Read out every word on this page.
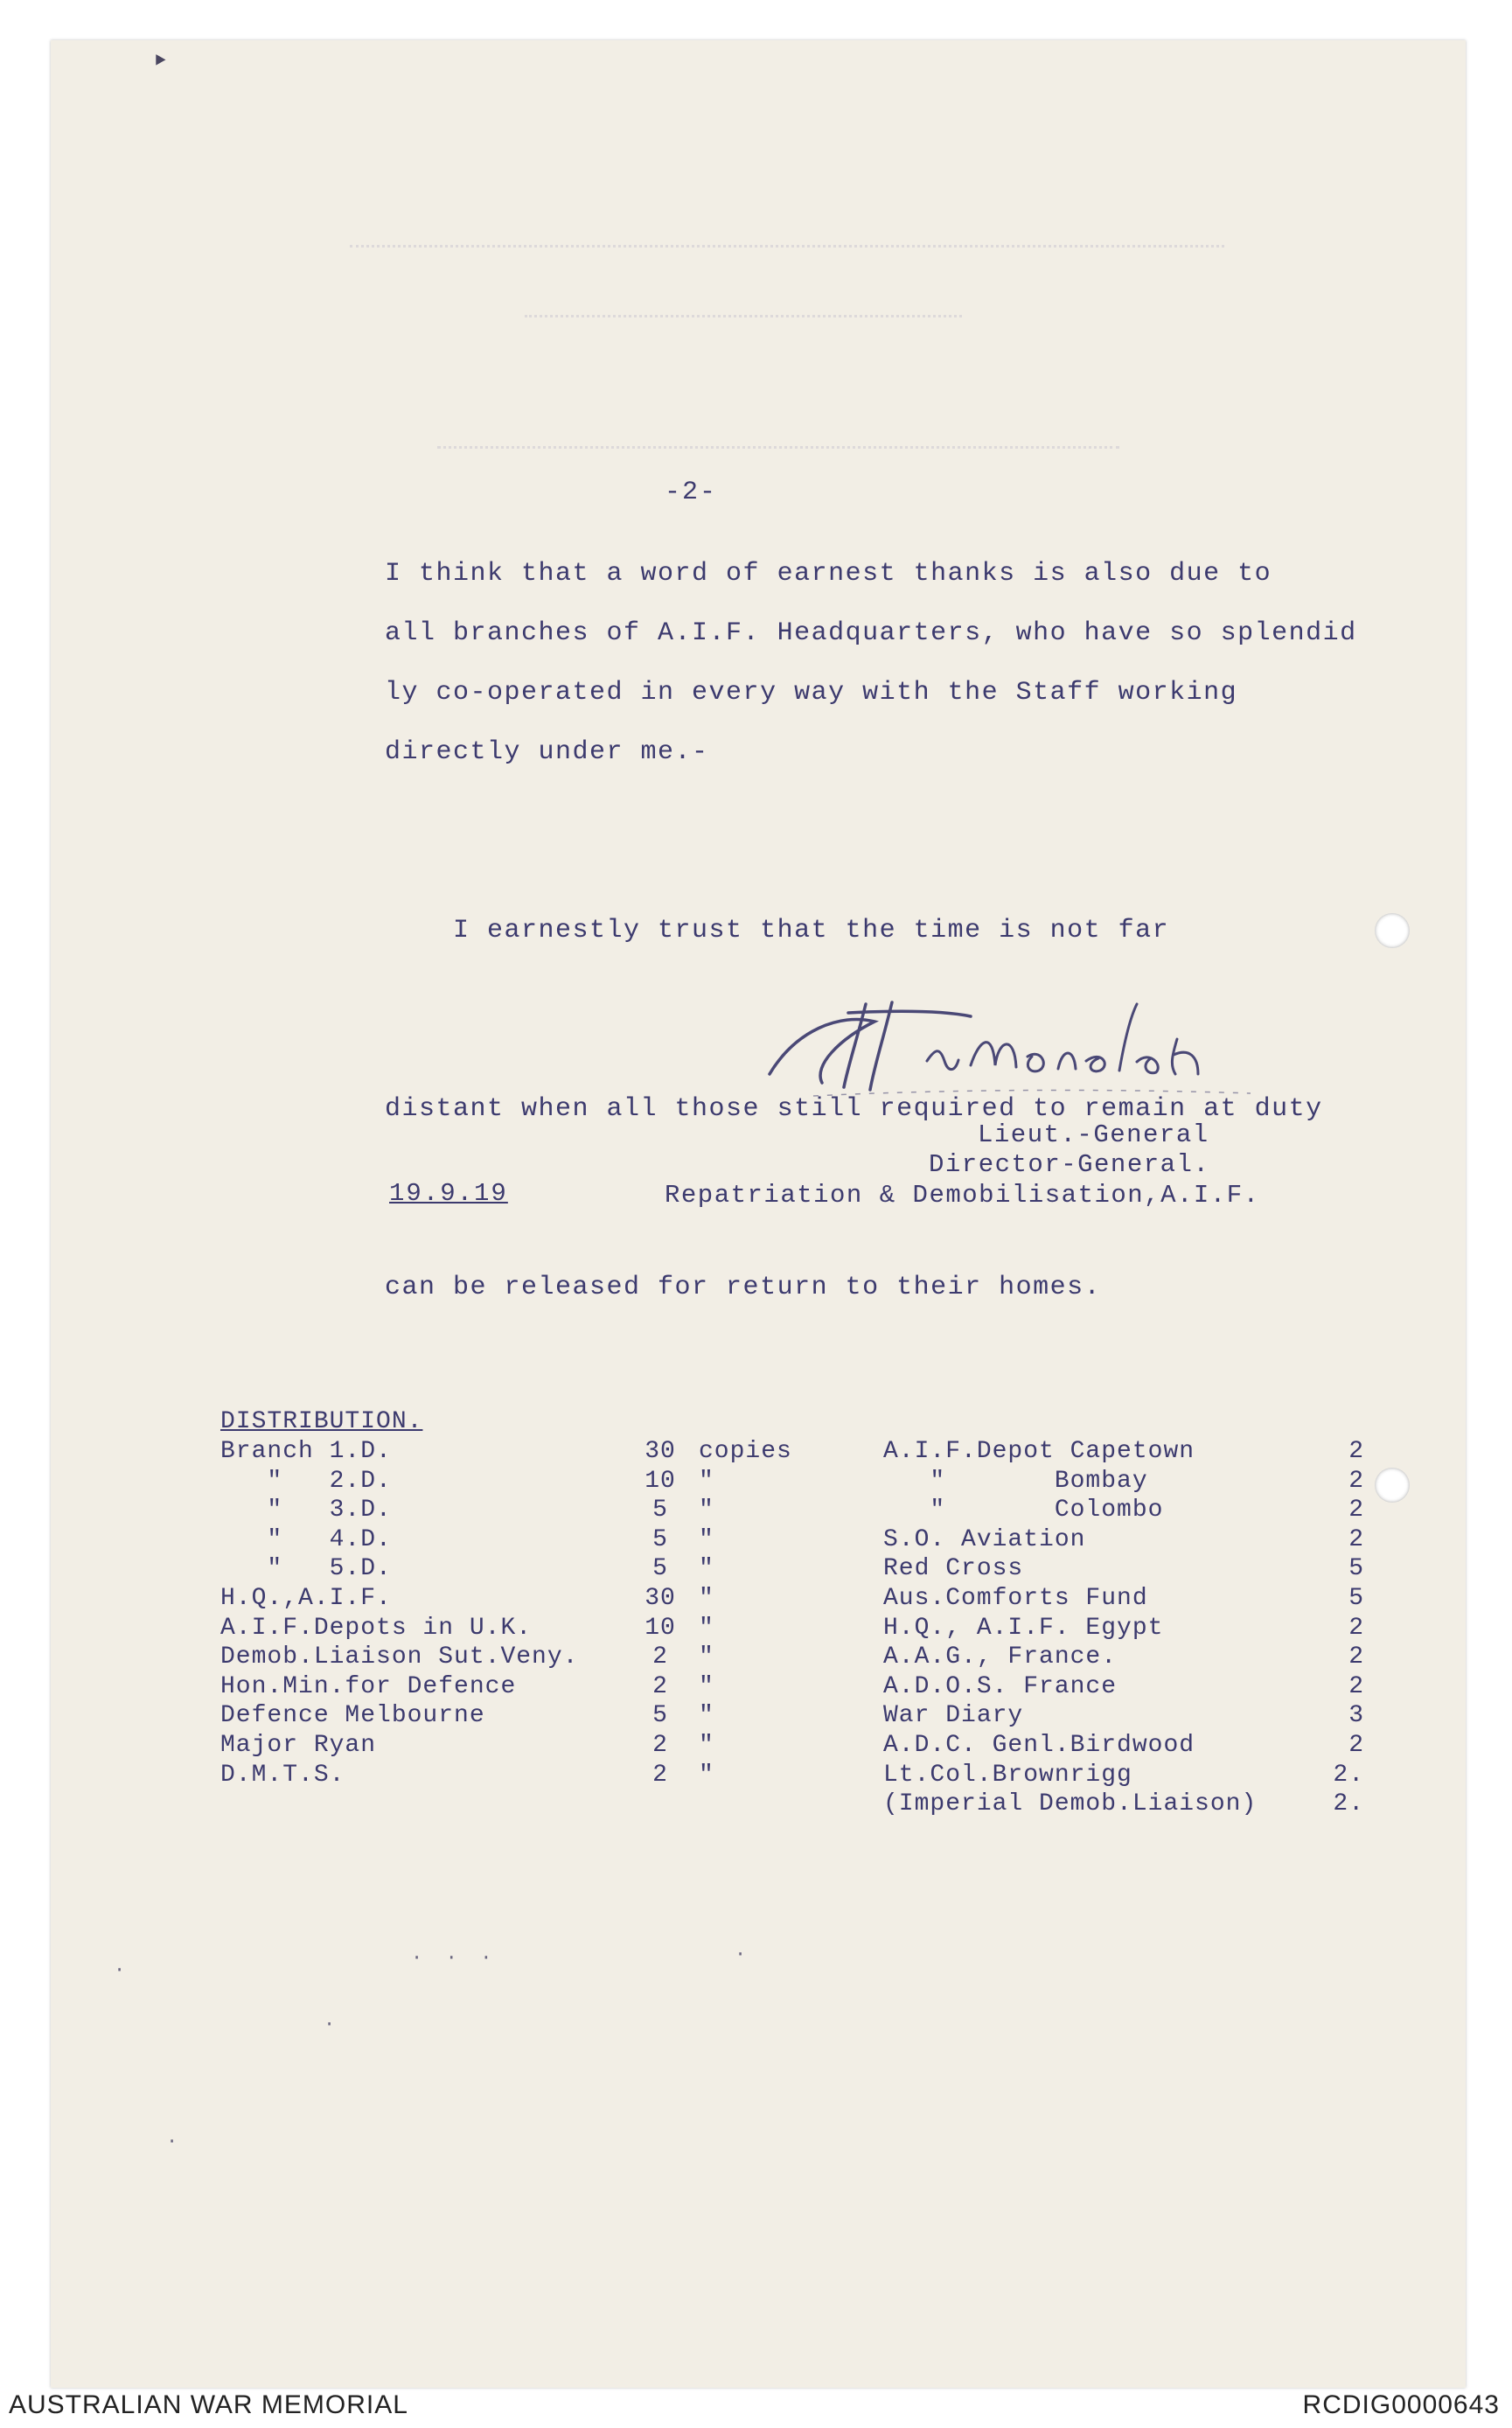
‣
-2-
I think that a word of earnest thanks is also due to
all branches of A.I.F. Headquarters, who have so splendid
ly co-operated in every way with the Staff working
directly under me.-

I earnestly trust that the time is not far

distant when all those still required to remain at duty

can be released for return to their homes.

Lieut.-General
Director-General.
Repatriation & Demobilisation,A.I.F.
19.9.19
DISTRIBUTION.
Branch 1.D.	30	copies
"   2.D.	10	"
"   3.D.	5	"
"   4.D.	5	"
"   5.D.	5	"
H.Q.,A.I.F.	30	"
A.I.F.Depots in U.K.	10	"
Demob.Liaison Sut.Veny.	2	"
Hon.Min.for Defence	2	"
Defence Melbourne	5	"
Major Ryan	2	"
D.M.T.S.	2	"
A.I.F.Depot Capetown	2
"       Bombay	2
"       Colombo	2
S.O. Aviation	2
Red Cross	5
Aus.Comforts Fund	5
H.Q., A.I.F. Egypt	2
A.A.G., France.	2
A.D.O.S. France	2
War Diary	3
A.D.C. Genl.Birdwood	2
Lt.Col.Brownrigg	2.
(Imperial Demob.Liaison)	2.
·
·  ·  ·	·
·
·
AUSTRALIAN WAR MEMORIAL	RCDIG0000643
